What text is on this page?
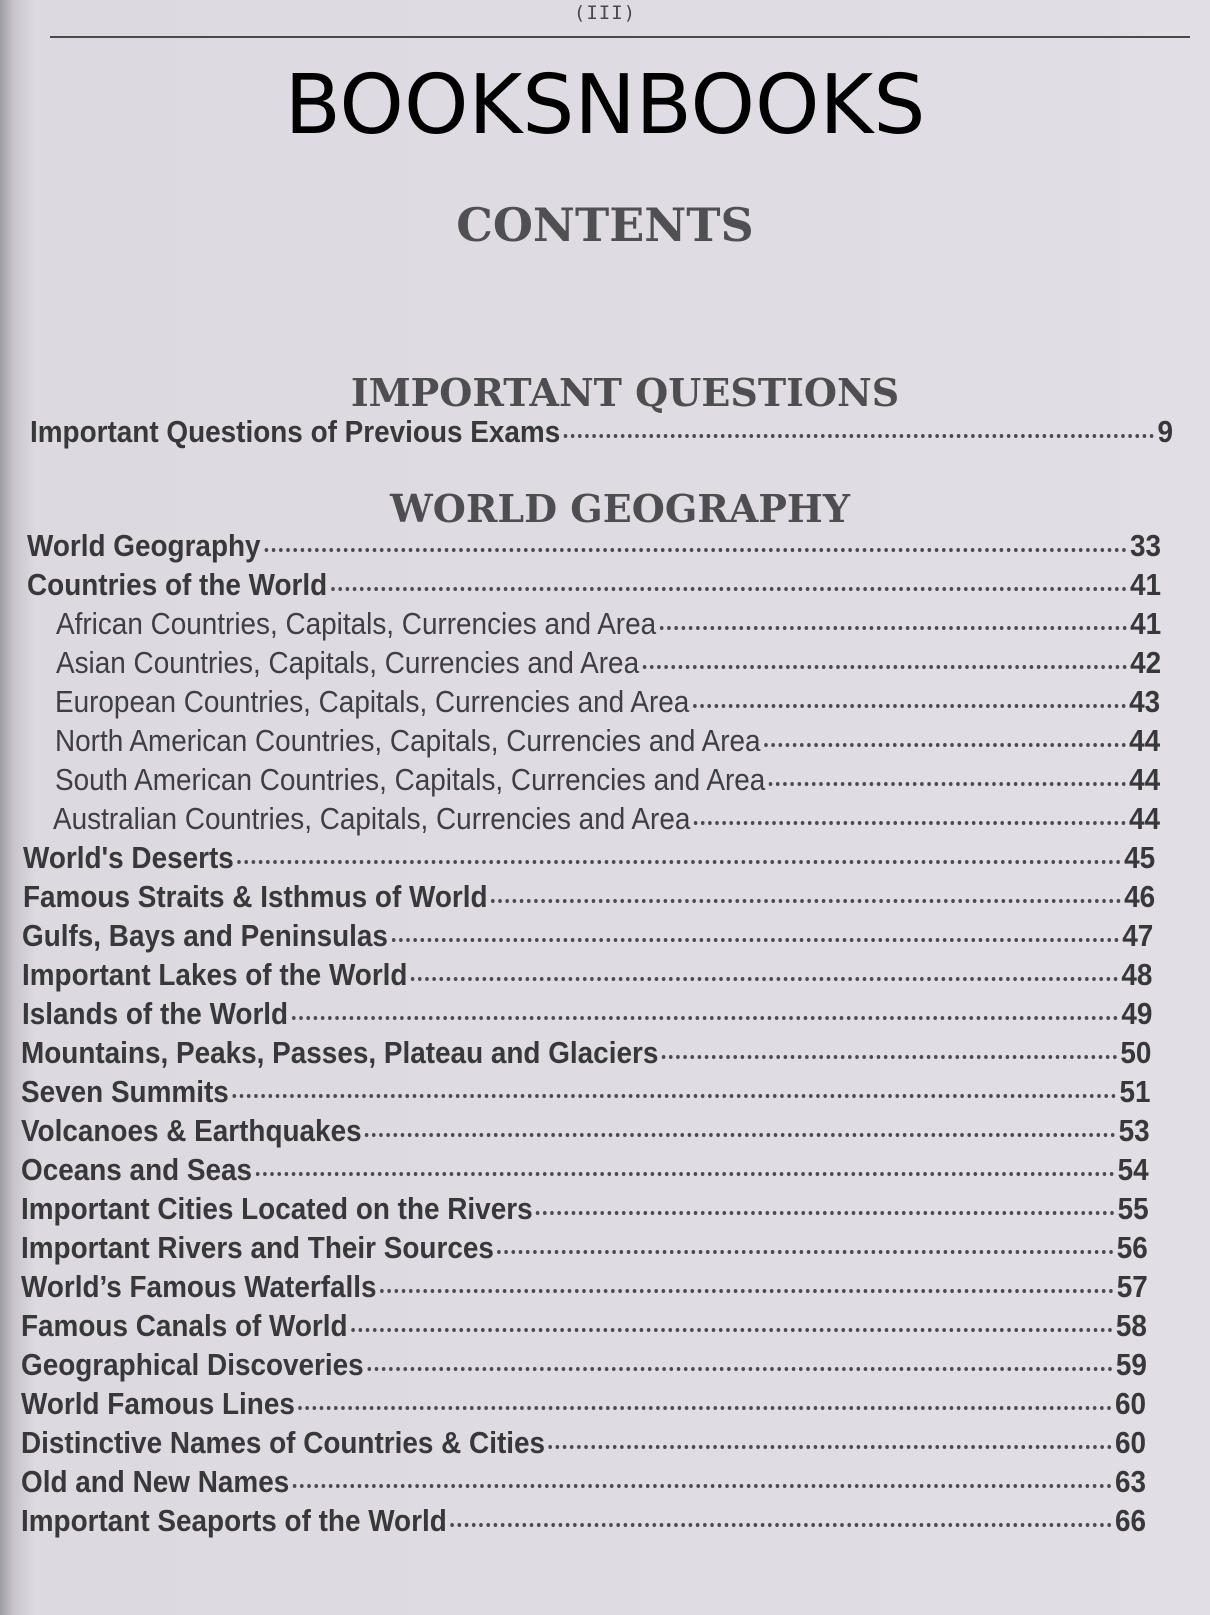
(III)
BOOKSNBOOKS
CONTENTS
IMPORTANT QUESTIONS
Important Questions of Previous Exams	9
WORLD GEOGRAPHY
World Geography	33
Countries of the World	41
African Countries, Capitals, Currencies and Area	41
Asian Countries, Capitals, Currencies and Area	42
European Countries, Capitals, Currencies and Area	43
North American Countries, Capitals, Currencies and Area	44
South American Countries, Capitals, Currencies and Area	44
Australian Countries, Capitals, Currencies and Area	44
World's Deserts	45
Famous Straits & Isthmus of World	46
Gulfs, Bays and Peninsulas	47
Important Lakes of the World	48
Islands of the World	49
Mountains, Peaks, Passes, Plateau and Glaciers	50
Seven Summits	51
Volcanoes & Earthquakes	53
Oceans and Seas	54
Important Cities Located on the Rivers	55
Important Rivers and Their Sources	56
World’s Famous Waterfalls	57
Famous Canals of World	58
Geographical Discoveries	59
World Famous Lines	60
Distinctive Names of Countries & Cities	60
Old and New Names	63
Important Seaports of the World	66
